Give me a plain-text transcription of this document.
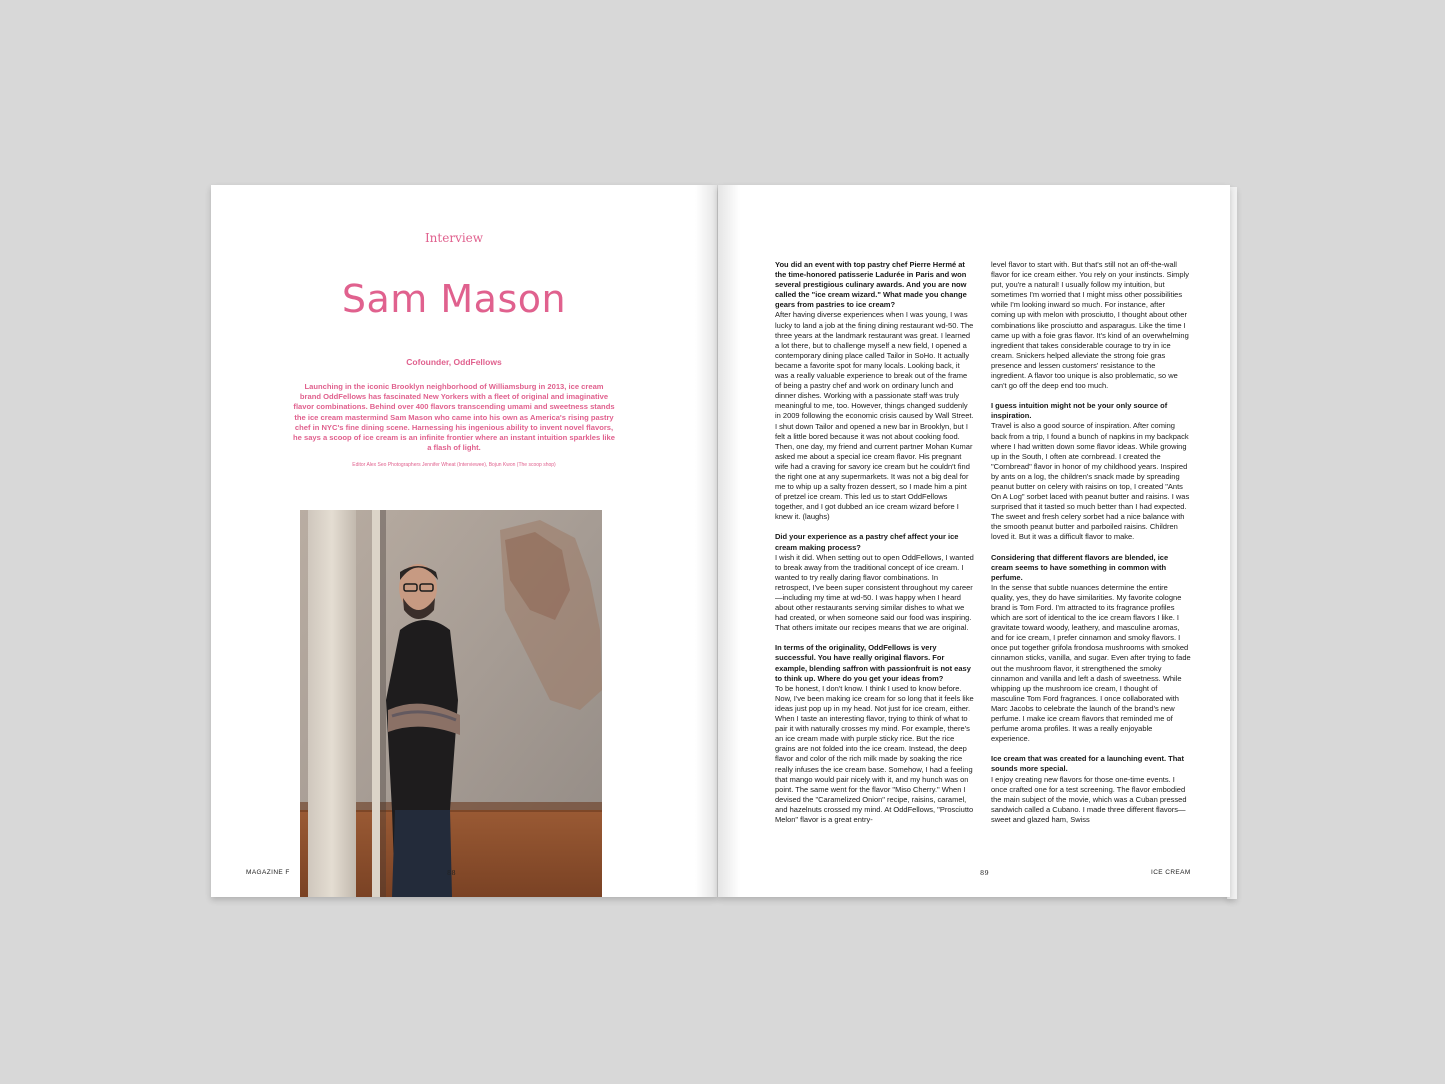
Interview
Sam Mason
Cofounder, OddFellows
Launching in the iconic Brooklyn neighborhood of Williamsburg in 2013, ice cream brand OddFellows has fascinated New Yorkers with a fleet of original and imaginative flavor combinations. Behind over 400 flavors transcending umami and sweetness stands the ice cream mastermind Sam Mason who came into his own as America's rising pastry chef in NYC's fine dining scene. Harnessing his ingenious ability to invent novel flavors, he says a scoop of ice cream is an infinite frontier where an instant intuition sparkles like a flash of light.
Editor Alex Seo Photographers Jennifer Wheat (Interviewee), Bojun Kwon (The scoop shop)
MAGAZINE F	88

You did an event with top pastry chef Pierre Hermé at the time-honored patisserie Ladurée in Paris and won several prestigious culinary awards. And you are now called the "ice cream wizard." What made you change gears from pastries to ice cream?
After having diverse experiences when I was young, I was lucky to land a job at the fining dining restaurant wd-50. The three years at the landmark restaurant was great. I learned a lot there, but to challenge myself a new field, I opened a contemporary dining place called Tailor in SoHo. It actually became a favorite spot for many locals. Looking back, it was a really valuable experience to break out of the frame of being a pastry chef and work on ordinary lunch and dinner dishes. Working with a passionate staff was truly meaningful to me, too. However, things changed suddenly in 2009 following the economic crisis caused by Wall Street. I shut down Tailor and opened a new bar in Brooklyn, but I felt a little bored because it was not about cooking food. Then, one day, my friend and current partner Mohan Kumar asked me about a special ice cream flavor. His pregnant wife had a craving for savory ice cream but he couldn't find the right one at any supermarkets. It was not a big deal for me to whip up a salty frozen dessert, so I made him a pint of pretzel ice cream. This led us to start OddFellows together, and I got dubbed an ice cream wizard before I knew it. (laughs)

Did your experience as a pastry chef affect your ice cream making process?
I wish it did. When setting out to open OddFellows, I wanted to break away from the traditional concept of ice cream. I wanted to try really daring flavor combinations. In retrospect, I've been super consistent throughout my career—including my time at wd-50. I was happy when I heard about other restaurants serving similar dishes to what we had created, or when someone said our food was inspiring. That others imitate our recipes means that we are original.

In terms of the originality, OddFellows is very successful. You have really original flavors. For example, blending saffron with passionfruit is not easy to think up. Where do you get your ideas from?
To be honest, I don't know. I think I used to know before. Now, I've been making ice cream for so long that it feels like ideas just pop up in my head. Not just for ice cream, either. When I taste an interesting flavor, trying to think of what to pair it with naturally crosses my mind. For example, there's an ice cream made with purple sticky rice. But the rice grains are not folded into the ice cream. Instead, the deep flavor and color of the rich milk made by soaking the rice really infuses the ice cream base. Somehow, I had a feeling that mango would pair nicely with it, and my hunch was on point. The same went for the flavor "Miso Cherry." When I devised the "Caramelized Onion" recipe, raisins, caramel, and hazelnuts crossed my mind. At OddFellows, "Prosciutto Melon" flavor is a great entry-

level flavor to start with. But that's still not an off-the-wall flavor for ice cream either. You rely on your instincts. Simply put, you're a natural! I usually follow my intuition, but sometimes I'm worried that I might miss other possibilities while I'm looking inward so much. For instance, after coming up with melon with prosciutto, I thought about other combinations like prosciutto and asparagus. Like the time I came up with a foie gras flavor. It's kind of an overwhelming ingredient that takes considerable courage to try in ice cream. Snickers helped alleviate the strong foie gras presence and lessen customers' resistance to the ingredient. A flavor too unique is also problematic, so we can't go off the deep end too much.

I guess intuition might not be your only source of inspiration.
Travel is also a good source of inspiration. After coming back from a trip, I found a bunch of napkins in my backpack where I had written down some flavor ideas. While growing up in the South, I often ate cornbread. I created the "Cornbread" flavor in honor of my childhood years. Inspired by ants on a log, the children's snack made by spreading peanut butter on celery with raisins on top, I created "Ants On A Log" sorbet laced with peanut butter and raisins. I was surprised that it tasted so much better than I had expected. The sweet and fresh celery sorbet had a nice balance with the smooth peanut butter and parboiled raisins. Children loved it. But it was a difficult flavor to make.

Considering that different flavors are blended, ice cream seems to have something in common with perfume.
In the sense that subtle nuances determine the entire quality, yes, they do have similarities. My favorite cologne brand is Tom Ford. I'm attracted to its fragrance profiles which are sort of identical to the ice cream flavors I like. I gravitate toward woody, leathery, and masculine aromas, and for ice cream, I prefer cinnamon and smoky flavors. I once put together grifola frondosa mushrooms with smoked cinnamon sticks, vanilla, and sugar. Even after trying to fade out the mushroom flavor, it strengthened the smoky cinnamon and vanilla and left a dash of sweetness. While whipping up the mushroom ice cream, I thought of masculine Tom Ford fragrances. I once collaborated with Marc Jacobs to celebrate the launch of the brand's new perfume. I make ice cream flavors that reminded me of perfume aroma profiles. It was a really enjoyable experience.

Ice cream that was created for a launching event. That sounds more special.
I enjoy creating new flavors for those one-time events. I once crafted one for a test screening. The flavor embodied the main subject of the movie, which was a Cuban pressed sandwich called a Cubano. I made three different flavors—sweet and glazed ham, Swiss

89	ICE CREAM
